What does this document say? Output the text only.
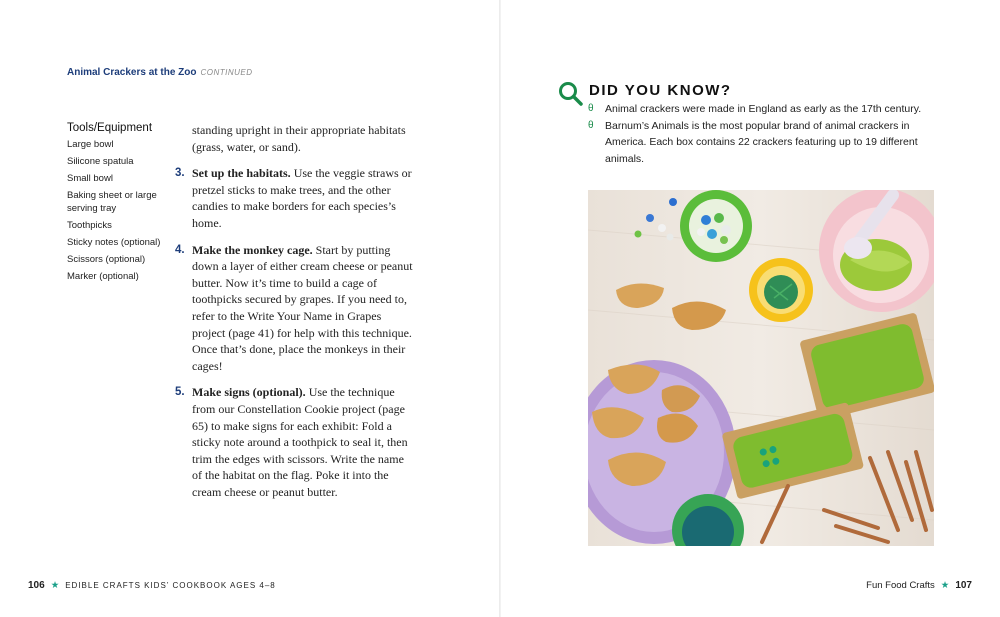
Animal Crackers at the Zoo CONTINUED
Tools/Equipment
Large bowl
Silicone spatula
Small bowl
Baking sheet or large serving tray
Toothpicks
Sticky notes (optional)
Scissors (optional)
Marker (optional)

standing upright in their appropriate habitats (grass, water, or sand).

3. Set up the habitats. Use the veggie straws or pretzel sticks to make trees, and the other candies to make borders for each species’s home.
4. Make the monkey cage. Start by putting down a layer of either cream cheese or peanut butter. Now it’s time to build a cage of toothpicks secured by grapes. If you need to, refer to the Write Your Name in Grapes project (page 41) for help with this technique. Once that’s done, place the monkeys in their cages!
5. Make signs (optional). Use the technique from our Constellation Cookie project (page 65) to make signs for each exhibit: Fold a sticky note around a toothpick to seal it, then trim the edges with scissors. Write the name of the habitat on the flag. Poke it into the cream cheese or peanut butter.
DID YOU KNOW?
θ Animal crackers were made in England as early as the 17th century.
θ Barnum’s Animals is the most popular brand of animal crackers in America. Each box contains 22 crackers featuring up to 19 different animals.
106 ★ EDIBLE CRAFTS KIDS’ COOKBOOK AGES 4–8	Fun Food Crafts ★ 107
